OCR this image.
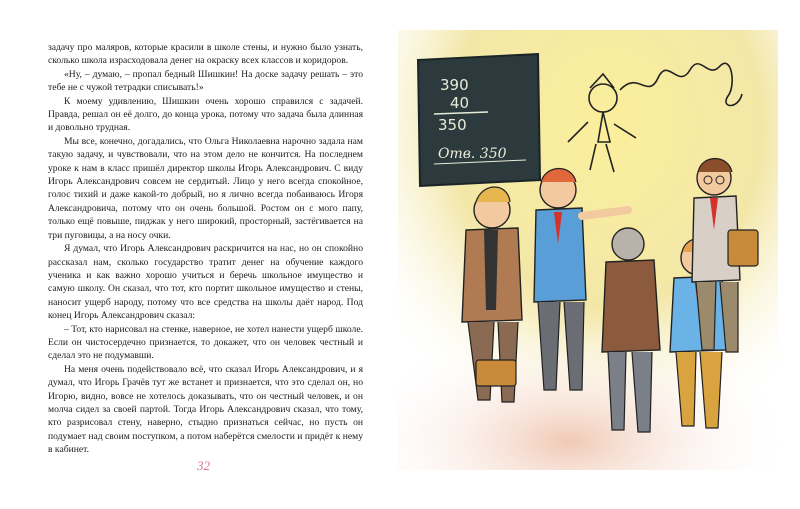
задачу про маляров, которые красили в школе стены, и нужно было узнать, сколько школа израсходовала денег на окраску всех классов и коридоров.

«Ну, – думаю, – пропал бедный Шишкин! На доске задачу решать – это тебе не с чужой тетрадки списывать!»

К моему удивлению, Шишкин очень хорошо справился с задачей. Правда, решал он её долго, до конца урока, потому что задача была длинная и довольно трудная.

Мы все, конечно, догадались, что Ольга Николаевна нарочно задала нам такую задачу, и чувствовали, что на этом дело не кончится. На последнем уроке к нам в класс пришёл директор школы Игорь Александрович. С виду Игорь Александрович совсем не сердитый. Лицо у него всегда спокойное, голос тихий и даже какой-то добрый, но я лично всегда побаиваюсь Игоря Александровича, потому что он очень большой. Ростом он с мого папу, только ещё повыше, пиджак у него широкий, просторный, застёгивается на три пуговицы, а на носу очки.

Я думал, что Игорь Александрович раскричится на нас, но он спокойно рассказал нам, сколько государство тратит денег на обучение каждого ученика и как важно хорошо учиться и беречь школьное имущество и самую школу. Он сказал, что тот, кто портит школьное имущество и стены, наносит ущерб народу, потому что все средства на школы даёт народ. Под конец Игорь Александрович сказал:

– Тот, кто нарисовал на стенке, наверное, не хотел нанести ущерб школе. Если он чистосердечно признается, то докажет, что он человек честный и сделал это не подумавши.

На меня очень подействовало всё, что сказал Игорь Александрович, и я думал, что Игорь Грачёв тут же встанет и признается, что это сделал он, но Игорю, видно, вовсе не хотелось доказывать, что он честный человек, и он молча сидел за своей партой. Тогда Игорь Александрович сказал, что тому, кто разрисовал стену, наверно, стыдно признаться сейчас, но пусть он подумает над своим поступком, а потом наберётся смелости и придёт к нему в кабинет.

32
390
40
350
Отв. 350
